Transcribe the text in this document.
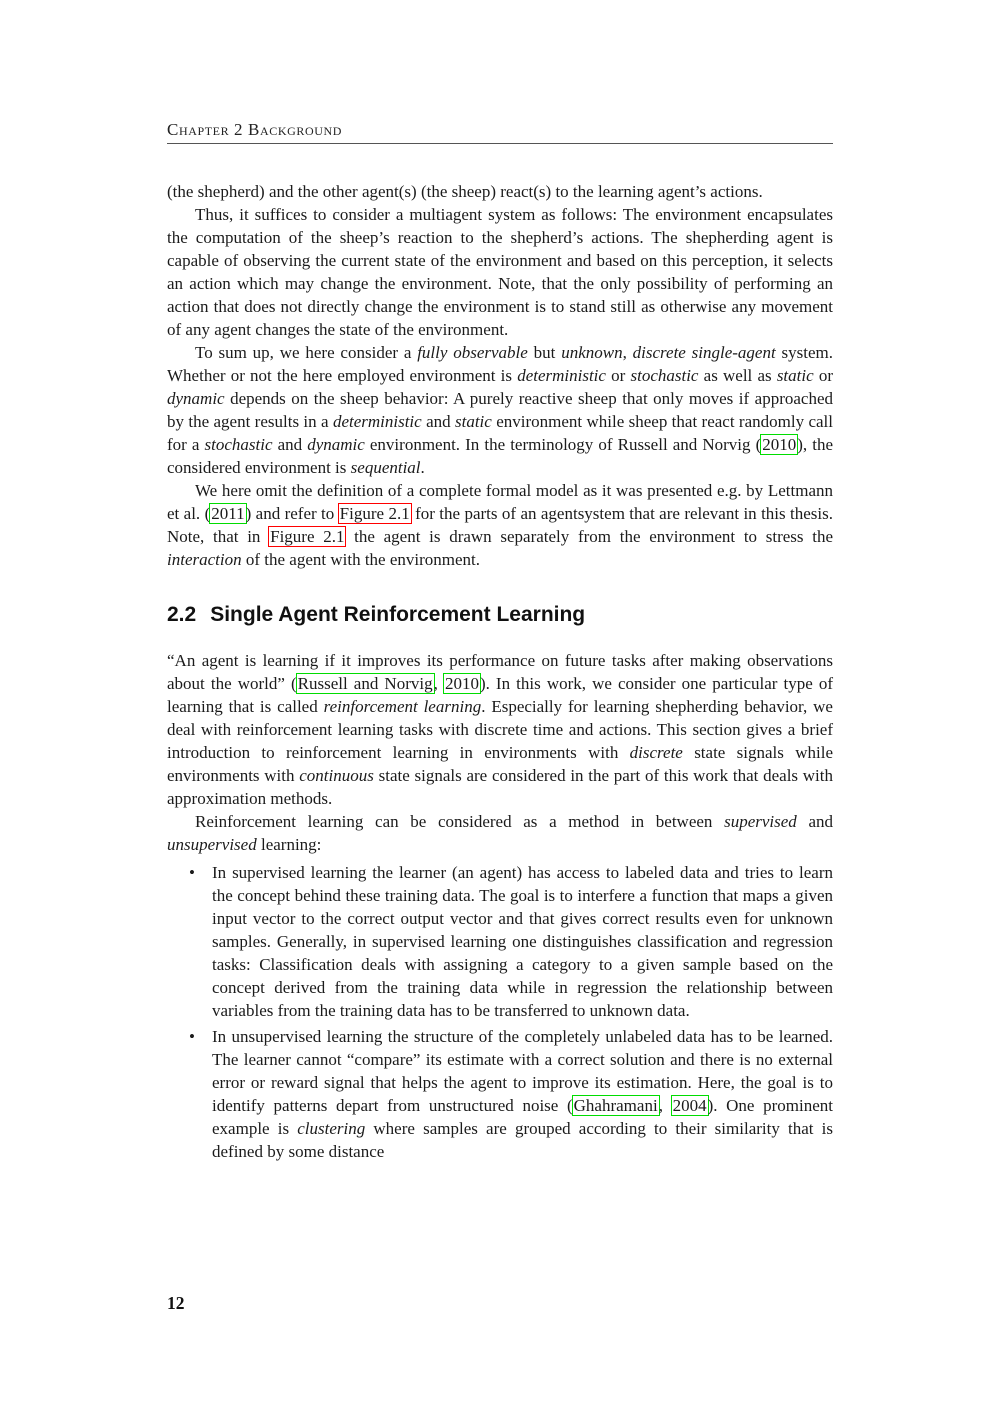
Chapter 2 Background

(the shepherd) and the other agent(s) (the sheep) react(s) to the learning agent’s actions.

Thus, it suffices to consider a multiagent system as follows: The environment encapsulates the computation of the sheep’s reaction to the shepherd’s actions. The shepherding agent is capable of observing the current state of the environment and based on this perception, it selects an action which may change the environment. Note, that the only possibility of performing an action that does not directly change the environment is to stand still as otherwise any movement of any agent changes the state of the environment.

To sum up, we here consider a fully observable but unknown, discrete single-agent system. Whether or not the here employed environment is deterministic or stochastic as well as static or dynamic depends on the sheep behavior: A purely reactive sheep that only moves if approached by the agent results in a deterministic and static environment while sheep that react randomly call for a stochastic and dynamic environment. In the terminology of Russell and Norvig (2010), the considered environment is sequential.

We here omit the definition of a complete formal model as it was presented e.g. by Lettmann et al. (2011) and refer to Figure 2.1 for the parts of an agentsystem that are relevant in this thesis. Note, that in Figure 2.1 the agent is drawn separately from the environment to stress the interaction of the agent with the environment.

2.2 Single Agent Reinforcement Learning

“An agent is learning if it improves its performance on future tasks after making observations about the world” (Russell and Norvig, 2010). In this work, we consider one particular type of learning that is called reinforcement learning. Especially for learning shepherding behavior, we deal with reinforcement learning tasks with discrete time and actions. This section gives a brief introduction to reinforcement learning in environments with discrete state signals while environments with continuous state signals are considered in the part of this work that deals with approximation methods.

Reinforcement learning can be considered as a method in between supervised and unsupervised learning:

• In supervised learning the learner (an agent) has access to labeled data and tries to learn the concept behind these training data. The goal is to interfere a function that maps a given input vector to the correct output vector and that gives correct results even for unknown samples. Generally, in supervised learning one distinguishes classification and regression tasks: Classification deals with assigning a category to a given sample based on the concept derived from the training data while in regression the relationship between variables from the training data has to be transferred to unknown data.
• In unsupervised learning the structure of the completely unlabeled data has to be learned. The learner cannot “compare” its estimate with a correct solution and there is no external error or reward signal that helps the agent to improve its estimation. Here, the goal is to identify patterns depart from unstructured noise (Ghahramani, 2004). One prominent example is clustering where samples are grouped according to their similarity that is defined by some distance
12
